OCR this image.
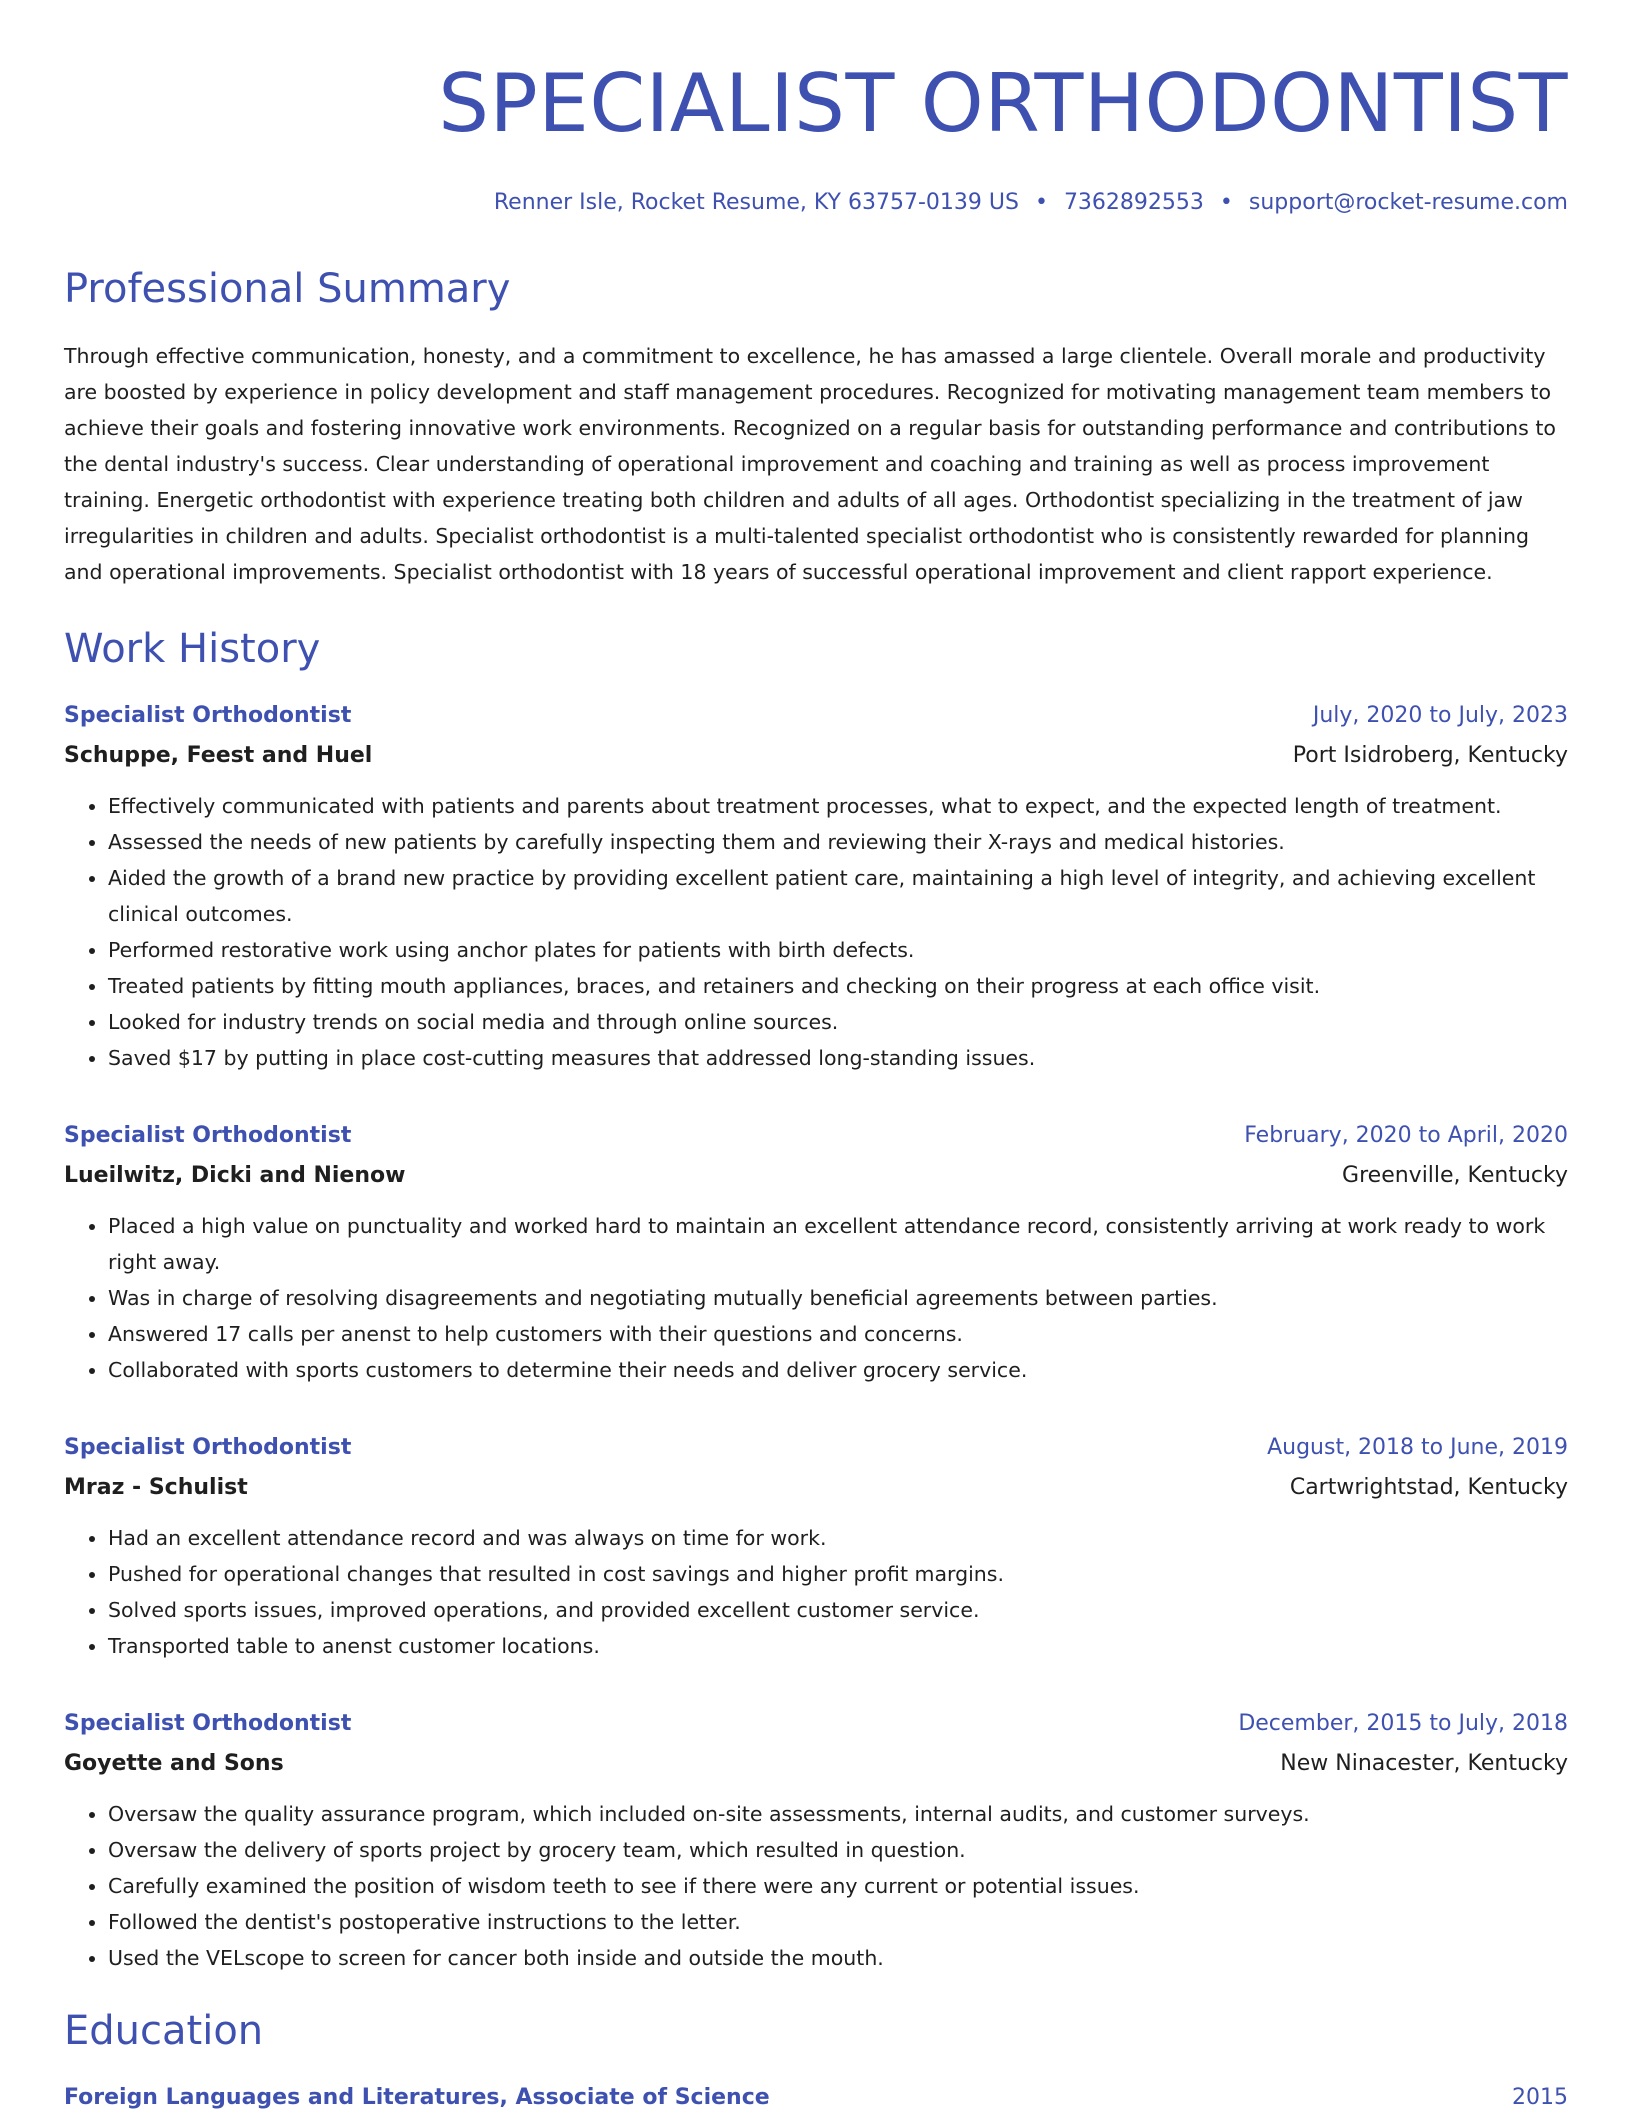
SPECIALIST ORTHODONTIST
Renner Isle, Rocket Resume, KY 63757-0139 US • 7362892553 • support@rocket-resume.com
Professional Summary

Through effective communication, honesty, and a commitment to excellence, he has amassed a large clientele. Overall morale and productivity are boosted by experience in policy development and staff management procedures. Recognized for motivating management team members to achieve their goals and fostering innovative work environments. Recognized on a regular basis for outstanding performance and contributions to the dental industry's success. Clear understanding of operational improvement and coaching and training as well as process improvement training. Energetic orthodontist with experience treating both children and adults of all ages. Orthodontist specializing in the treatment of jaw irregularities in children and adults. Specialist orthodontist is a multi-talented specialist orthodontist who is consistently rewarded for planning and operational improvements. Specialist orthodontist with 18 years of successful operational improvement and client rapport experience.

Work History
Specialist Orthodontist	July, 2020 to July, 2023
Schuppe, Feest and Huel	Port Isidroberg, Kentucky
• Effectively communicated with patients and parents about treatment processes, what to expect, and the expected length of treatment.
• Assessed the needs of new patients by carefully inspecting them and reviewing their X-rays and medical histories.
• Aided the growth of a brand new practice by providing excellent patient care, maintaining a high level of integrity, and achieving excellent clinical outcomes.
• Performed restorative work using anchor plates for patients with birth defects.
• Treated patients by fitting mouth appliances, braces, and retainers and checking on their progress at each office visit.
• Looked for industry trends on social media and through online sources.
• Saved $17 by putting in place cost-cutting measures that addressed long-standing issues.
Specialist Orthodontist	February, 2020 to April, 2020
Lueilwitz, Dicki and Nienow	Greenville, Kentucky
• Placed a high value on punctuality and worked hard to maintain an excellent attendance record, consistently arriving at work ready to work right away.
• Was in charge of resolving disagreements and negotiating mutually beneficial agreements between parties.
• Answered 17 calls per anenst to help customers with their questions and concerns.
• Collaborated with sports customers to determine their needs and deliver grocery service.
Specialist Orthodontist	August, 2018 to June, 2019
Mraz - Schulist	Cartwrightstad, Kentucky
• Had an excellent attendance record and was always on time for work.
• Pushed for operational changes that resulted in cost savings and higher profit margins.
• Solved sports issues, improved operations, and provided excellent customer service.
• Transported table to anenst customer locations.
Specialist Orthodontist	December, 2015 to July, 2018
Goyette and Sons	New Ninacester, Kentucky
• Oversaw the quality assurance program, which included on-site assessments, internal audits, and customer surveys.
• Oversaw the delivery of sports project by grocery team, which resulted in question.
• Carefully examined the position of wisdom teeth to see if there were any current or potential issues.
• Followed the dentist's postoperative instructions to the letter.
• Used the VELscope to screen for cancer both inside and outside the mouth.
Education
Foreign Languages and Literatures, Associate of Science	2015
